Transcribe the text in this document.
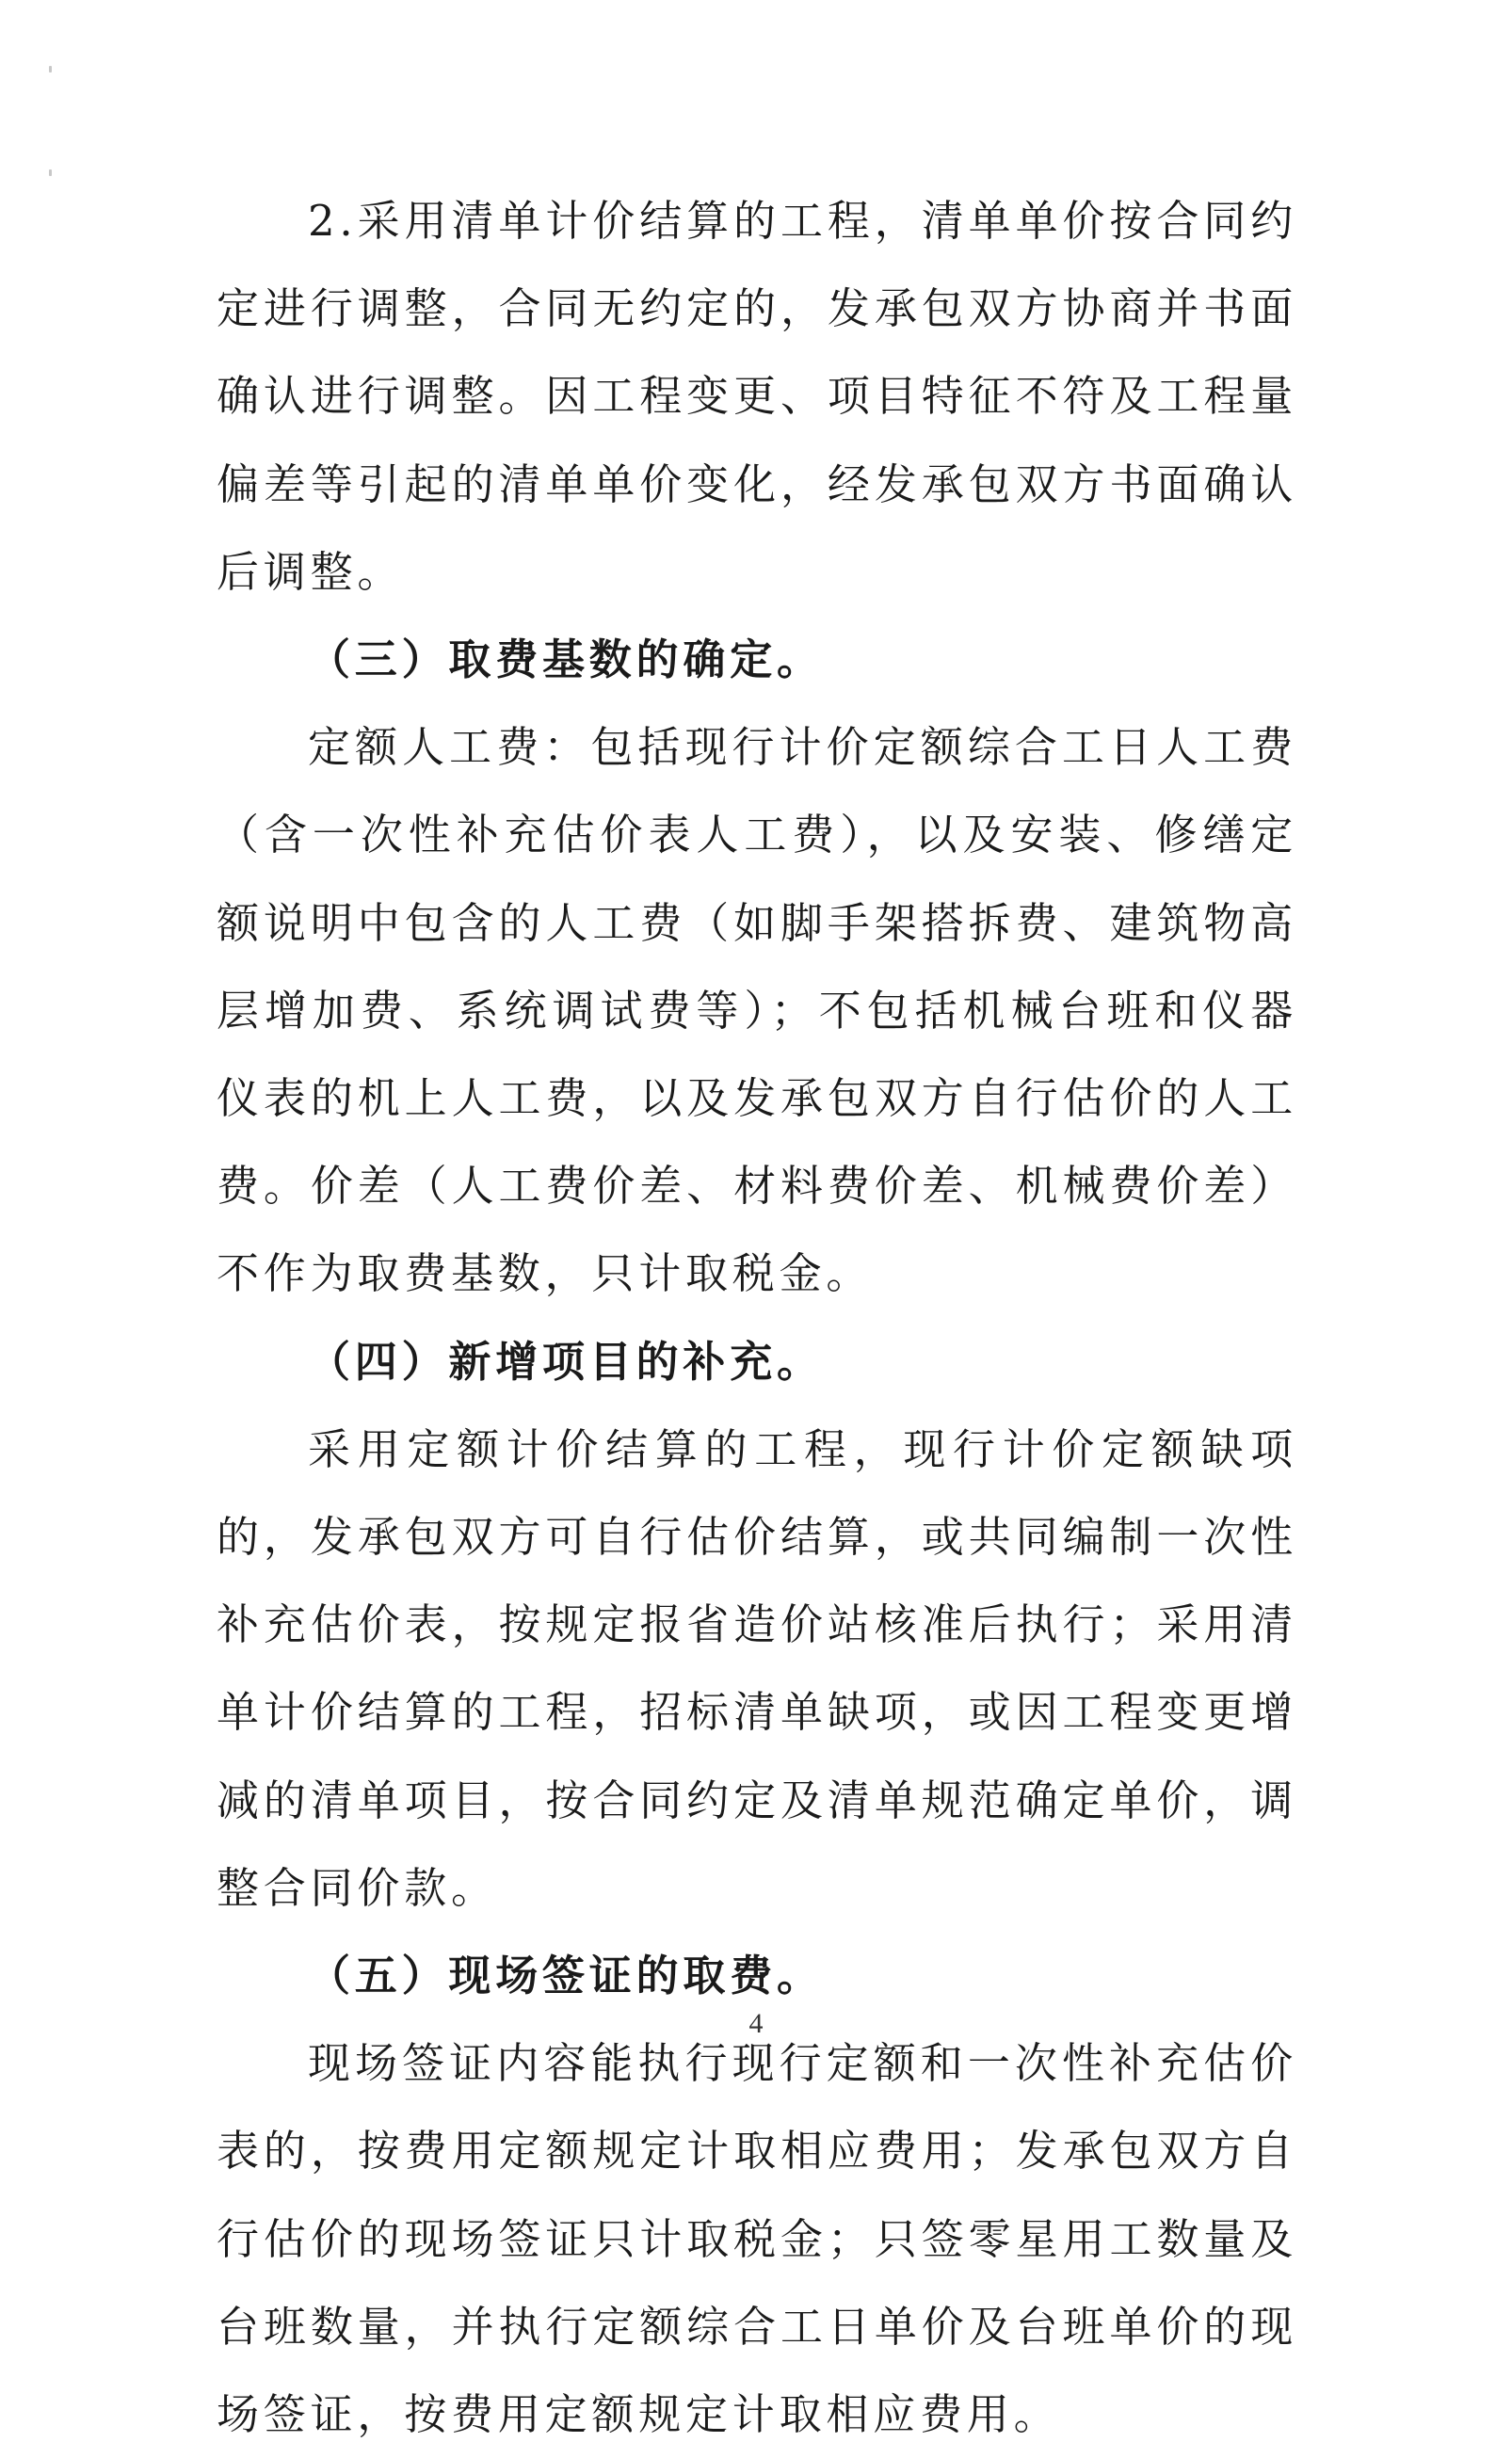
2.采用清单计价结算的工程，清单单价按合同约定进行调整，合同无约定的，发承包双方协商并书面确认进行调整。因工程变更、项目特征不符及工程量偏差等引起的清单单价变化，经发承包双方书面确认后调整。

（三）取费基数的确定。

定额人工费：包括现行计价定额综合工日人工费（含一次性补充估价表人工费），以及安装、修缮定额说明中包含的人工费（如脚手架搭拆费、建筑物高层增加费、系统调试费等）；不包括机械台班和仪器仪表的机上人工费，以及发承包双方自行估价的人工费。价差（人工费价差、材料费价差、机械费价差）不作为取费基数，只计取税金。

（四）新增项目的补充。

采用定额计价结算的工程，现行计价定额缺项的，发承包双方可自行估价结算，或共同编制一次性补充估价表，按规定报省造价站核准后执行；采用清单计价结算的工程，招标清单缺项，或因工程变更增减的清单项目，按合同约定及清单规范确定单价，调整合同价款。

（五）现场签证的取费。

现场签证内容能执行现行定额和一次性补充估价表的，按费用定额规定计取相应费用；发承包双方自行估价的现场签证只计取税金；只签零星用工数量及台班数量，并执行定额综合工日单价及台班单价的现场签证，按费用定额规定计取相应费用。

4
